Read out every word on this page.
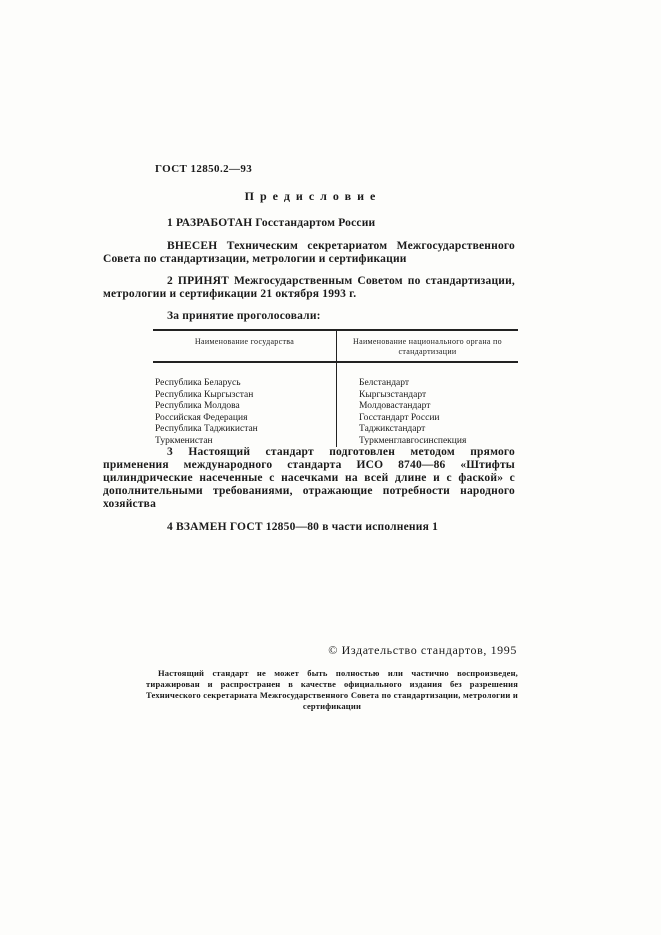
ГОСТ 12850.2—93
Предисловие
1 РАЗРАБОТАН Госстандартом России
ВНЕСЕН Техническим секретариатом Межгосударственного Совета по стандартизации, метрологии и сертификации
2 ПРИНЯТ Межгосударственным Советом по стандартизации, метрологии и сертификации 21 октября 1993 г.
За принятие проголосовали:
Наименование государства	Наименование национального органа по стандартизации
Республика Беларусь	Белстандарт
Республика Кыргызстан	Кыргызстандарт
Республика Молдова	Молдовастандарт
Российская Федерация	Госстандарт России
Республика Таджикистан	Таджикстандарт
Туркменистан	Туркменглавгосинспекция
3 Настоящий стандарт подготовлен методом прямого применения международного стандарта ИСО 8740—86 «Штифты цилиндрические насеченные с насечками на всей длине и с фаской» с дополнительными требованиями, отражающие потребности народного хозяйства
4 ВЗАМЕН ГОСТ 12850—80 в части исполнения 1
© Издательство стандартов, 1995
Настоящий стандарт не может быть полностью или частично воспроизведен, тиражирован и распространен в качестве официального издания без разрешения Технического секретариата Межгосударственного Совета по стандартизации, метрологии и сертификации
